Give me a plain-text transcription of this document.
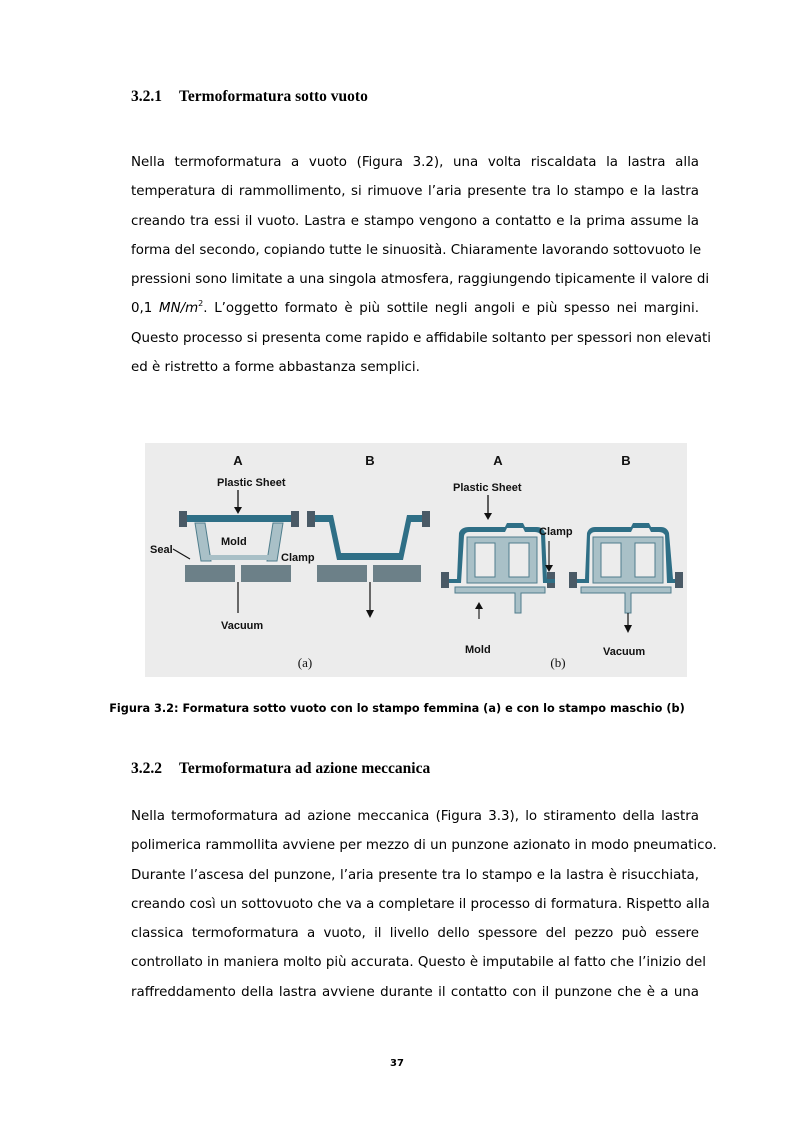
3.2.1 Termoformatura sotto vuoto
Nella termoformatura a vuoto (Figura 3.2), una volta riscaldata la lastra alla
temperatura di rammollimento, si rimuove l’aria presente tra lo stampo e la lastra
creando tra essi il vuoto. Lastra e stampo vengono a contatto e la prima assume la
forma del secondo, copiando tutte le sinuosità. Chiaramente lavorando sottovuoto le
pressioni sono limitate a una singola atmosfera, raggiungendo tipicamente il valore di
0,1 $MN/m^2$. L’oggetto formato è più sottile negli angoli e più spesso nei margini.
Questo processo si presenta come rapido e affidabile soltanto per spessori non elevati
ed è ristretto a forme abbastanza semplici.
A
Plastic Sheet
Mold
Seal
Clamp
Vacuum
B
(a)
A
Plastic Sheet
Clamp
Mold
B
Vacuum
(b)

Figura 3.2: Formatura sotto vuoto con lo stampo femmina (a) e con lo stampo maschio (b)

3.2.2 Termoformatura ad azione meccanica
Nella termoformatura ad azione meccanica (Figura 3.3), lo stiramento della lastra
polimerica rammollita avviene per mezzo di un punzone azionato in modo pneumatico.
Durante l’ascesa del punzone, l’aria presente tra lo stampo e la lastra è risucchiata,
creando così un sottovuoto che va a completare il processo di formatura. Rispetto alla
classica termoformatura a vuoto, il livello dello spessore del pezzo può essere
controllato in maniera molto più accurata. Questo è imputabile al fatto che l’inizio del
raffreddamento della lastra avviene durante il contatto con il punzone che è a una
37
